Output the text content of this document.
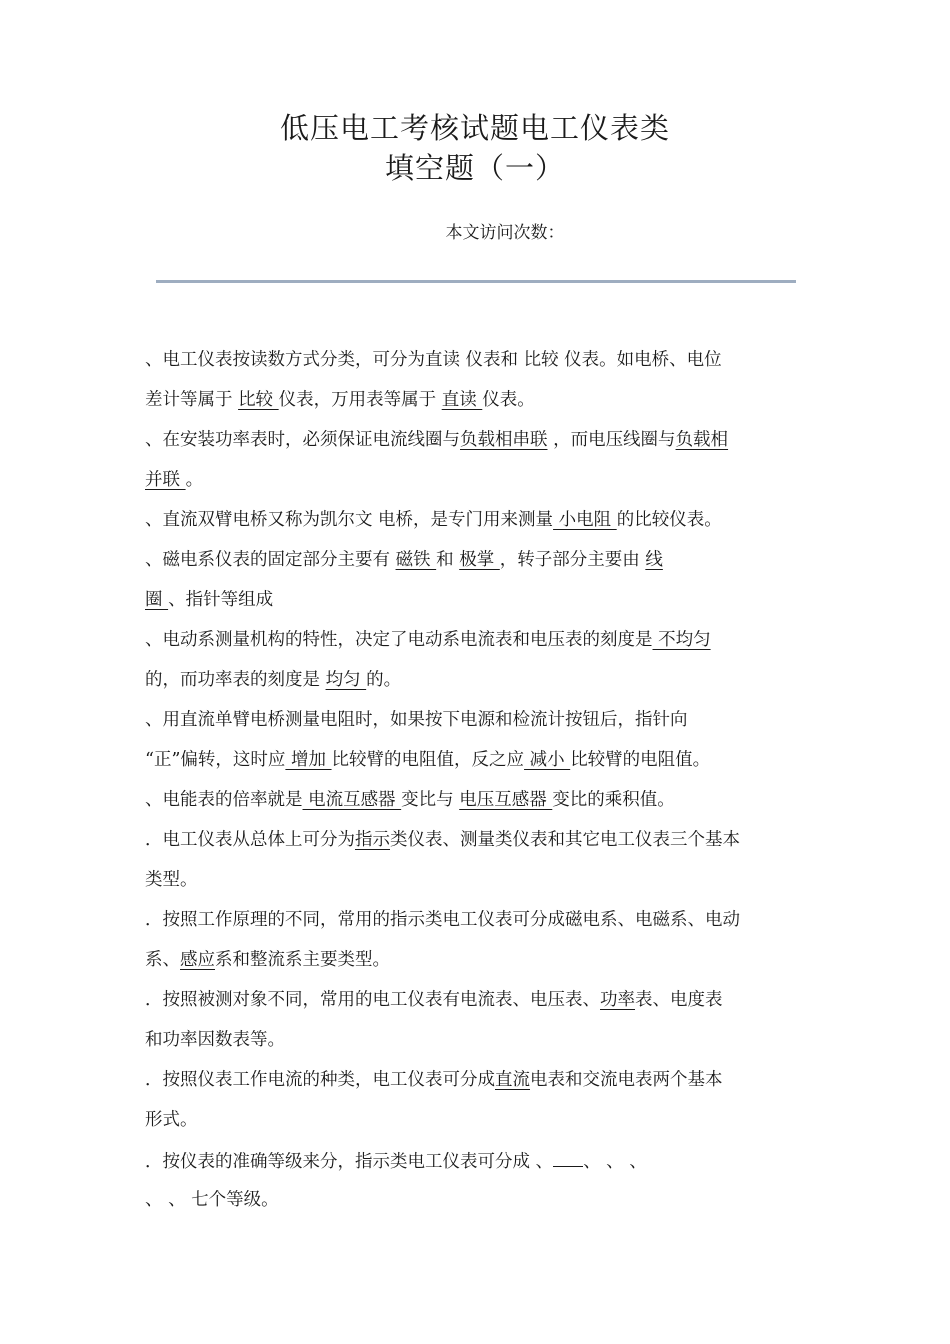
低压电工考核试题电工仪表类
填空题（一）
本文访问次数：
、电工仪表按读数方式分类，可分为直读 仪表和 比较 仪表。如电桥、电位
差计等属于 比较 仪表，万用表等属于 直读 仪表。
、在安装功率表时，必须保证电流线圈与负载相串联 ，而电压线圈与负载相
并联 。
、直流双臂电桥又称为凯尔文 电桥，是专门用来测量 小电阻 的比较仪表。
、磁电系仪表的固定部分主要有 磁铁 和 极掌 ，转子部分主要由 线
圈 、指针等组成
、电动系测量机构的特性，决定了电动系电流表和电压表的刻度是 不均匀
的，而功率表的刻度是 均匀 的。
、用直流单臂电桥测量电阻时，如果按下电源和检流计按钮后，指针向
“正”偏转，这时应 增加 比较臂的电阻值，反之应 减小 比较臂的电阻值。
、电能表的倍率就是 电流互感器 变比与 电压互感器 变比的乘积值。
．电工仪表从总体上可分为指示类仪表、测量类仪表和其它电工仪表三个基本
类型。
．按照工作原理的不同，常用的指示类电工仪表可分成磁电系、电磁系、电动
系、感应系和整流系主要类型。
．按照被测对象不同，常用的电工仪表有电流表、电压表、功率表、电度表
和功率因数表等。
．按照仪表工作电流的种类，电工仪表可分成直流电表和交流电表两个基本
形式。
．按仪表的准确等级来分，指示类电工仪表可分成 、 、 、 、
、 、 七个等级。
